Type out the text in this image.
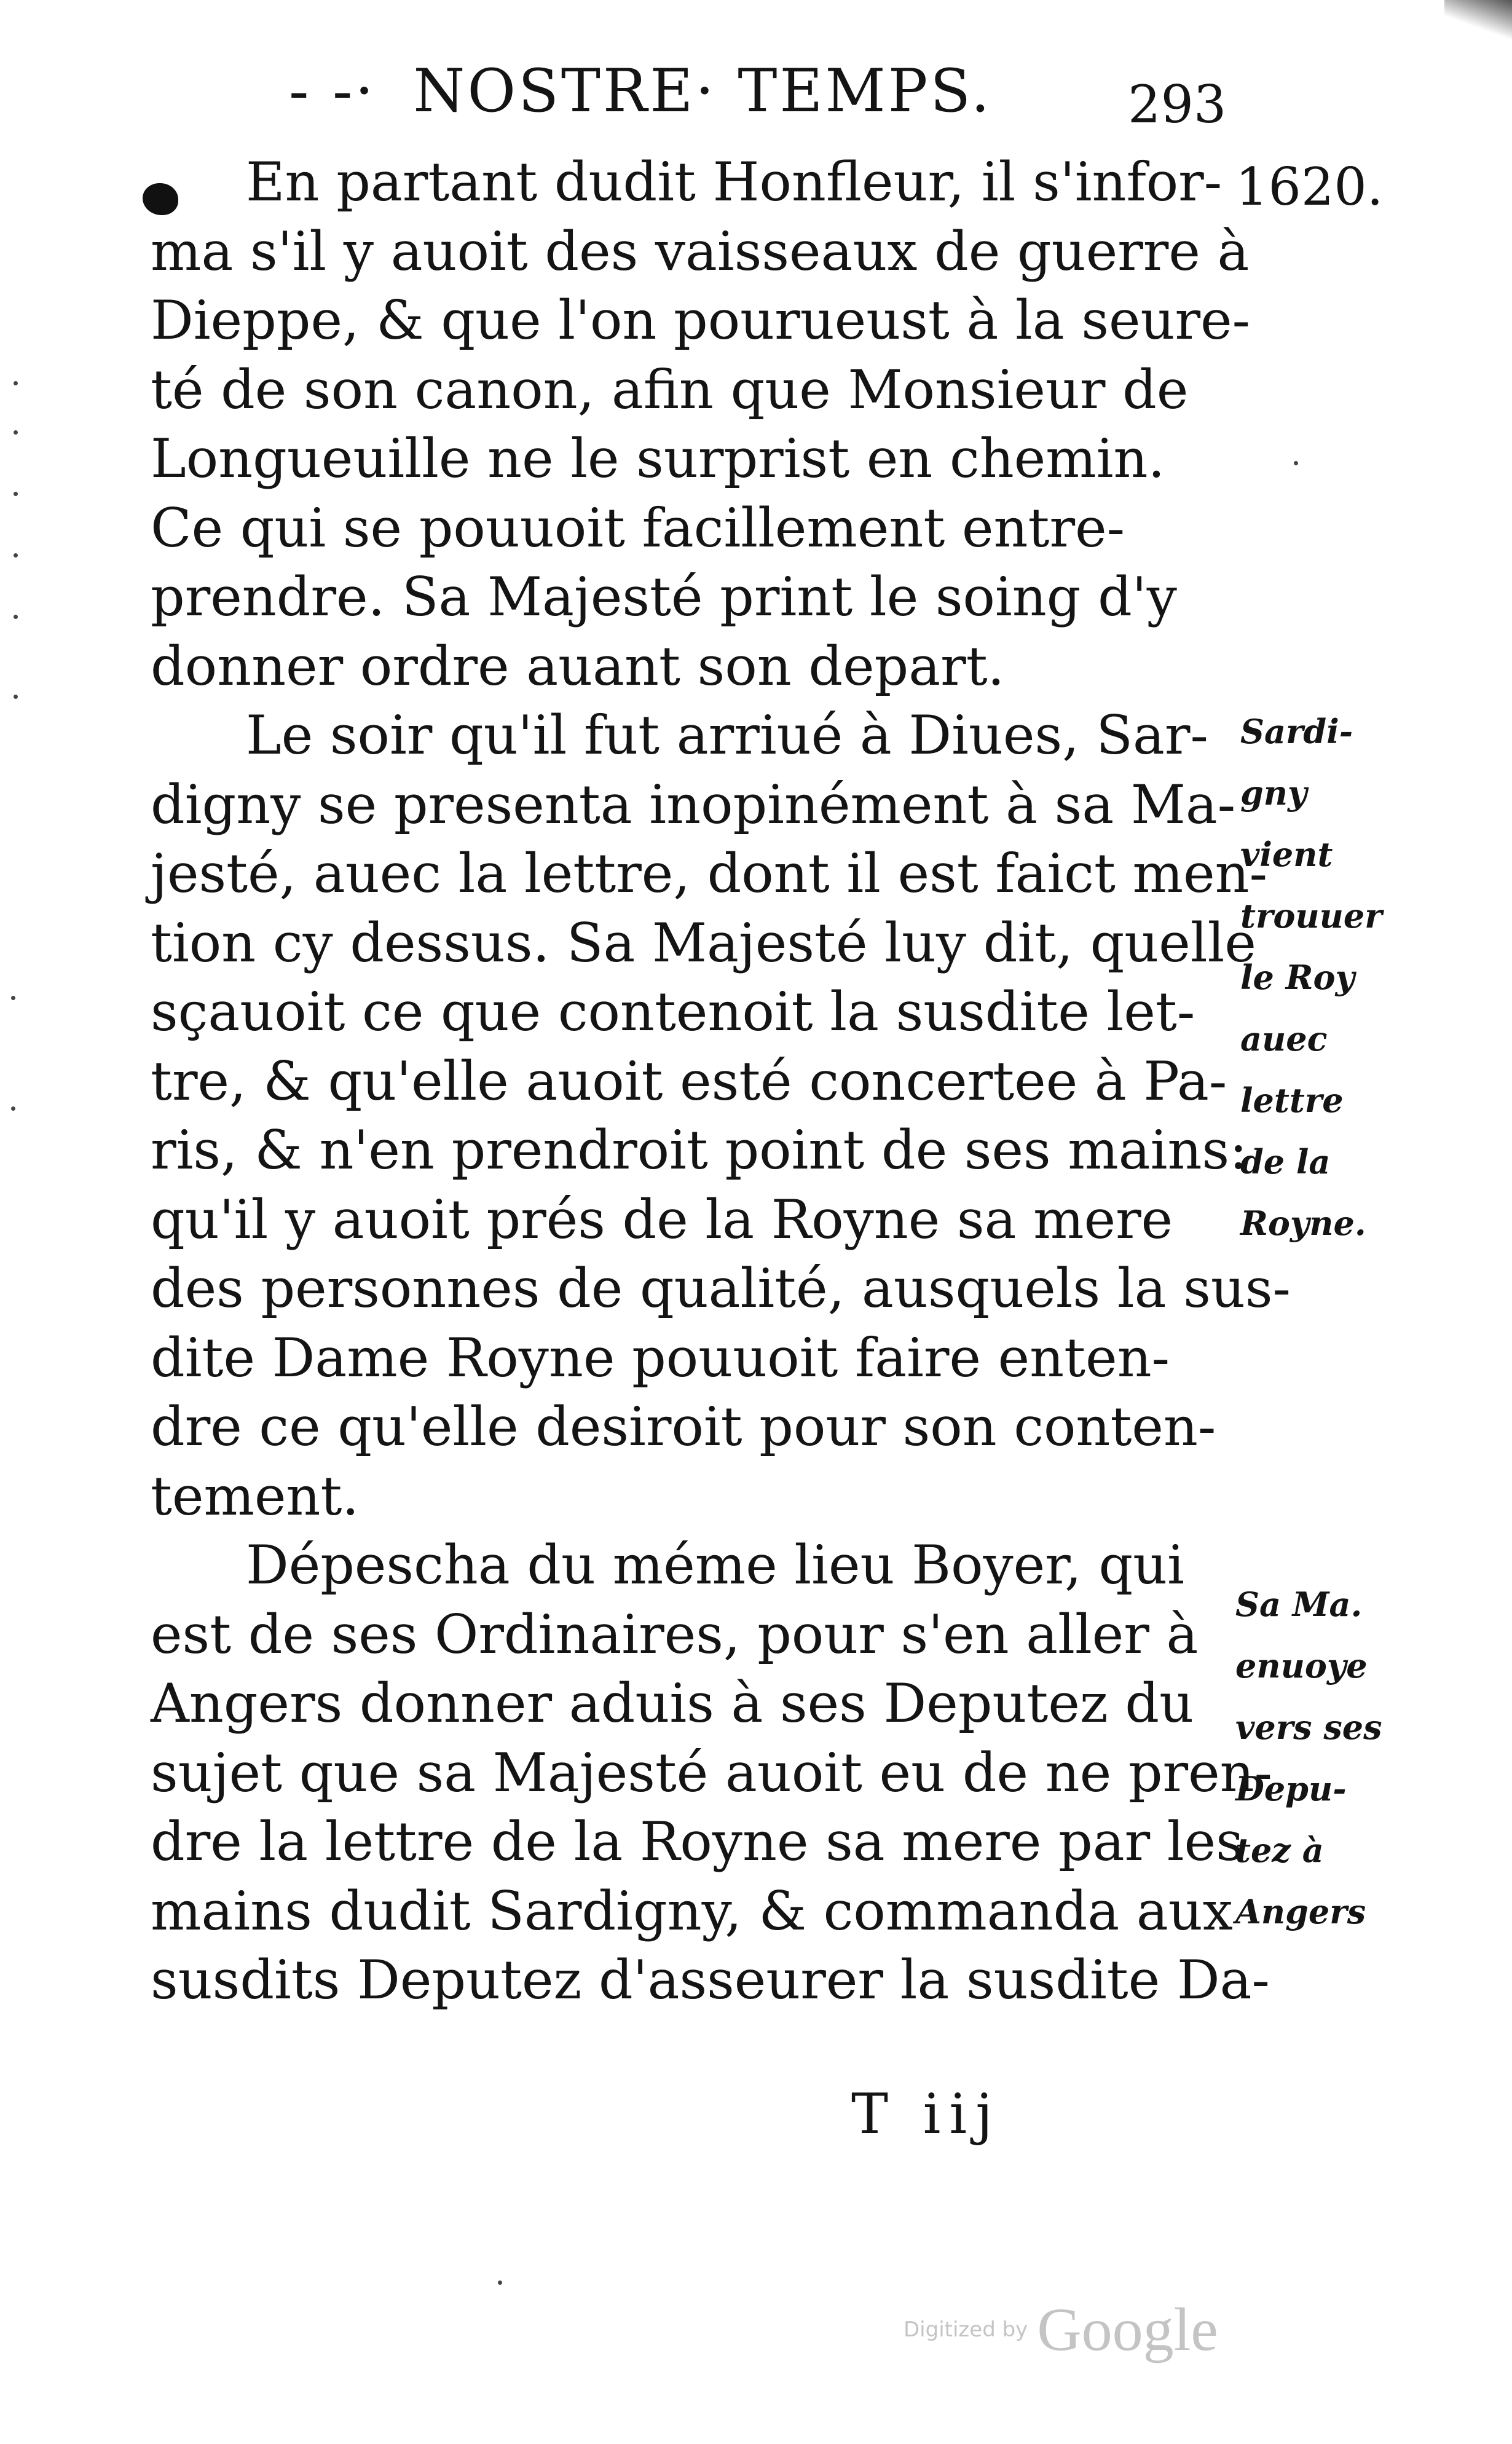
- -· NOSTRE· TEMPS.	293
1620.
En partant dudit Honfleur, il s'infor-
ma s'il y auoit des vaisseaux de guerre à
Dieppe, & que l'on pourueust à la seure-
té de son canon, afin que Monsieur de
Longueuille ne le surprist en chemin.
Ce qui se pouuoit facillement entre-
prendre. Sa Majesté print le soing d'y
donner ordre auant son depart.
Le soir qu'il fut arriué à Diues, Sar-
digny se presenta inopinément à sa Ma-
jesté, auec la lettre, dont il est faict men-
tion cy dessus. Sa Majesté luy dit, quelle
sçauoit ce que contenoit la susdite let-
tre, & qu'elle auoit esté concertee à Pa-
ris, & n'en prendroit point de ses mains:
qu'il y auoit prés de la Royne sa mere
des personnes de qualité, ausquels la sus-
dite Dame Royne pouuoit faire enten-
dre ce qu'elle desiroit pour son conten-
tement.
Dépescha du méme lieu Boyer, qui
est de ses Ordinaires, pour s'en aller à
Angers donner aduis à ses Deputez du
sujet que sa Majesté auoit eu de ne pren-
dre la lettre de la Royne sa mere par les
mains dudit Sardigny, & commanda aux
susdits Deputez d'asseurer la susdite Da-
Sardi-
gny
vient
trouuer
le Roy
auec
lettre
de la
Royne.
Sa Ma.
enuoye
vers ses
Depu-
tez à
Angers
T iij
Digitized by Google
